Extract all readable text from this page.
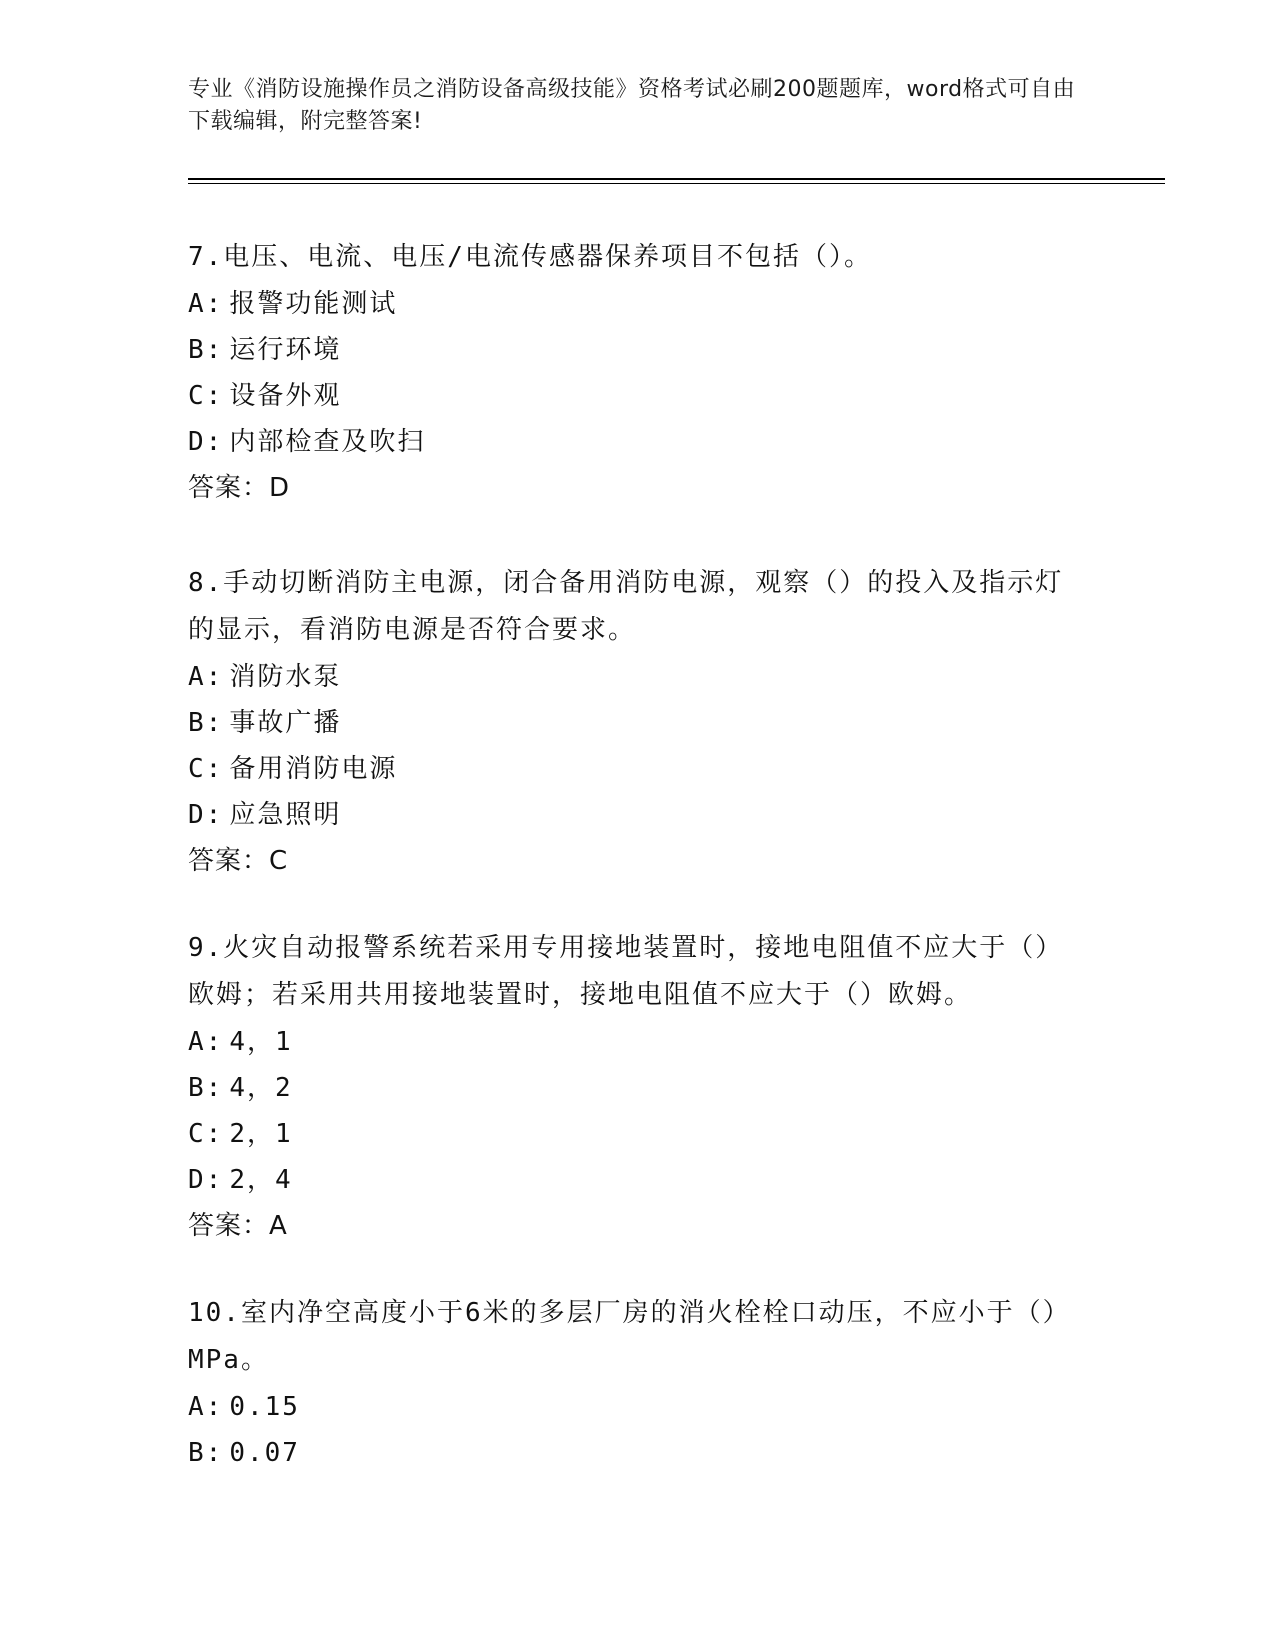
专业《消防设施操作员之消防设备高级技能》资格考试必刷200题题库，word格式可自由下载编辑，附完整答案!
7.电压、电流、电压/电流传感器保养项目不包括（）。
A: 报警功能测试
B: 运行环境
C: 设备外观
D: 内部检查及吹扫
答案：D
8.手动切断消防主电源，闭合备用消防电源，观察（）的投入及指示灯的显示，看消防电源是否符合要求。
A: 消防水泵
B: 事故广播
C: 备用消防电源
D: 应急照明
答案：C
9.火灾自动报警系统若采用专用接地装置时，接地电阻值不应大于（）欧姆；若采用共用接地装置时，接地电阻值不应大于（）欧姆。
A: 4，1
B: 4，2
C: 2，1
D: 2，4
答案：A
10.室内净空高度小于6米的多层厂房的消火栓栓口动压，不应小于（）MPa。
A: 0.15
B: 0.07
